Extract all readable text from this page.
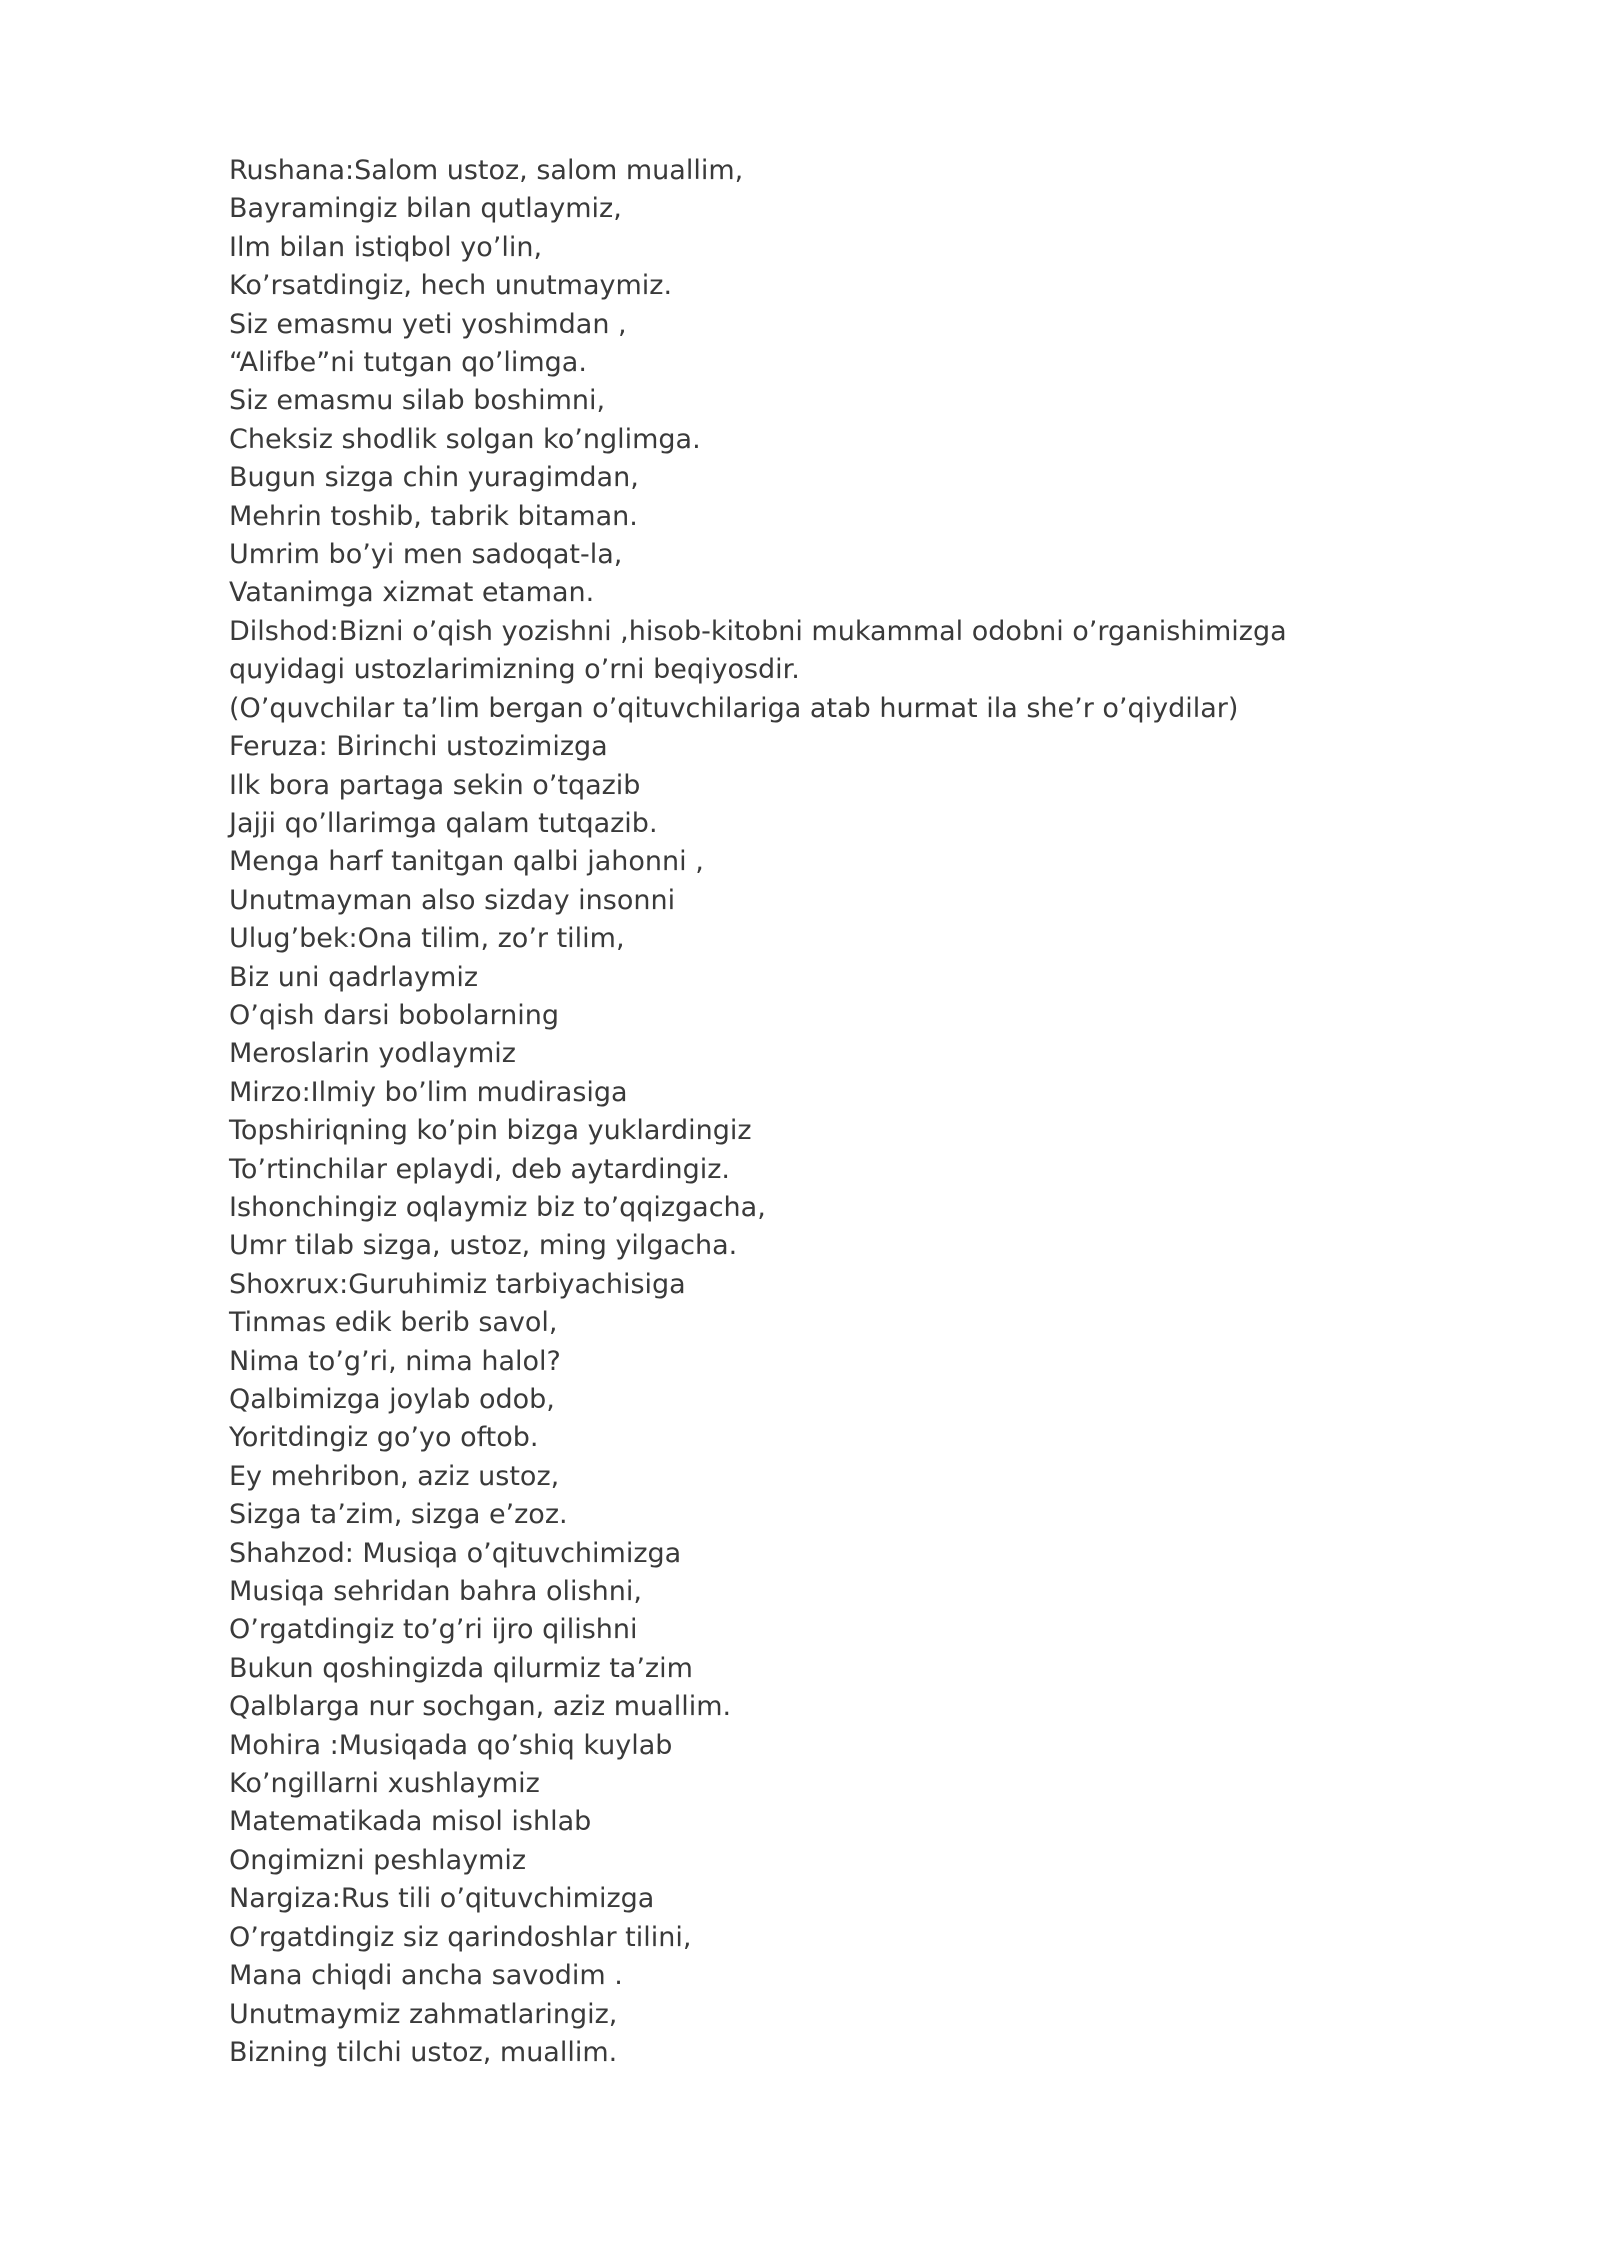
Rushana:Salom ustoz, salom muallim,
Bayramingiz bilan qutlaymiz,
Ilm bilan istiqbol yo’lin,
Ko’rsatdingiz, hech unutmaymiz.
Siz emasmu yeti yoshimdan ,
“Alifbe”ni tutgan qo’limga.
Siz emasmu silab boshimni,
Cheksiz shodlik solgan ko’nglimga.
Bugun sizga chin yuragimdan,
Mehrin toshib, tabrik bitaman.
Umrim bo’yi men sadoqat-la,
Vatanimga xizmat etaman.
Dilshod:Bizni o’qish yozishni ,hisob-kitobni mukammal odobni o’rganishimizga quyidagi ustozlarimizning o’rni beqiyosdir.
(O’quvchilar ta’lim bergan o’qituvchilariga atab hurmat ila she’r o’qiydilar)
Feruza: Birinchi ustozimizga
Ilk bora partaga sekin o’tqazib
Jajji qo’llarimga qalam tutqazib.
Menga harf tanitgan qalbi jahonni ,
Unutmayman also sizday insonni
Ulug’bek:Ona tilim, zo’r tilim,
Biz uni qadrlaymiz
O’qish darsi bobolarning
Meroslarin yodlaymiz
Mirzo:Ilmiy bo’lim mudirasiga
Topshiriqning ko’pin bizga yuklardingiz
To’rtinchilar eplaydi, deb aytardingiz.
Ishonchingiz oqlaymiz biz to’qqizgacha,
Umr tilab sizga, ustoz, ming yilgacha.
Shoxrux:Guruhimiz tarbiyachisiga
Tinmas edik berib savol,
Nima to’g’ri, nima halol?
Qalbimizga joylab odob,
Yoritdingiz go’yo oftob.
Ey mehribon, aziz ustoz,
Sizga ta’zim, sizga e’zoz.
Shahzod: Musiqa o’qituvchimizga
Musiqa sehridan bahra olishni,
O’rgatdingiz to’g’ri ijro qilishni
Bukun qoshingizda qilurmiz ta’zim
Qalblarga nur sochgan, aziz muallim.
Mohira :Musiqada qo’shiq kuylab
Ko’ngillarni xushlaymiz
Matematikada misol ishlab
Ongimizni peshlaymiz
Nargiza:Rus tili o’qituvchimizga
O’rgatdingiz siz qarindoshlar tilini,
Mana chiqdi ancha savodim .
Unutmaymiz zahmatlaringiz,
Bizning tilchi ustoz, muallim.
